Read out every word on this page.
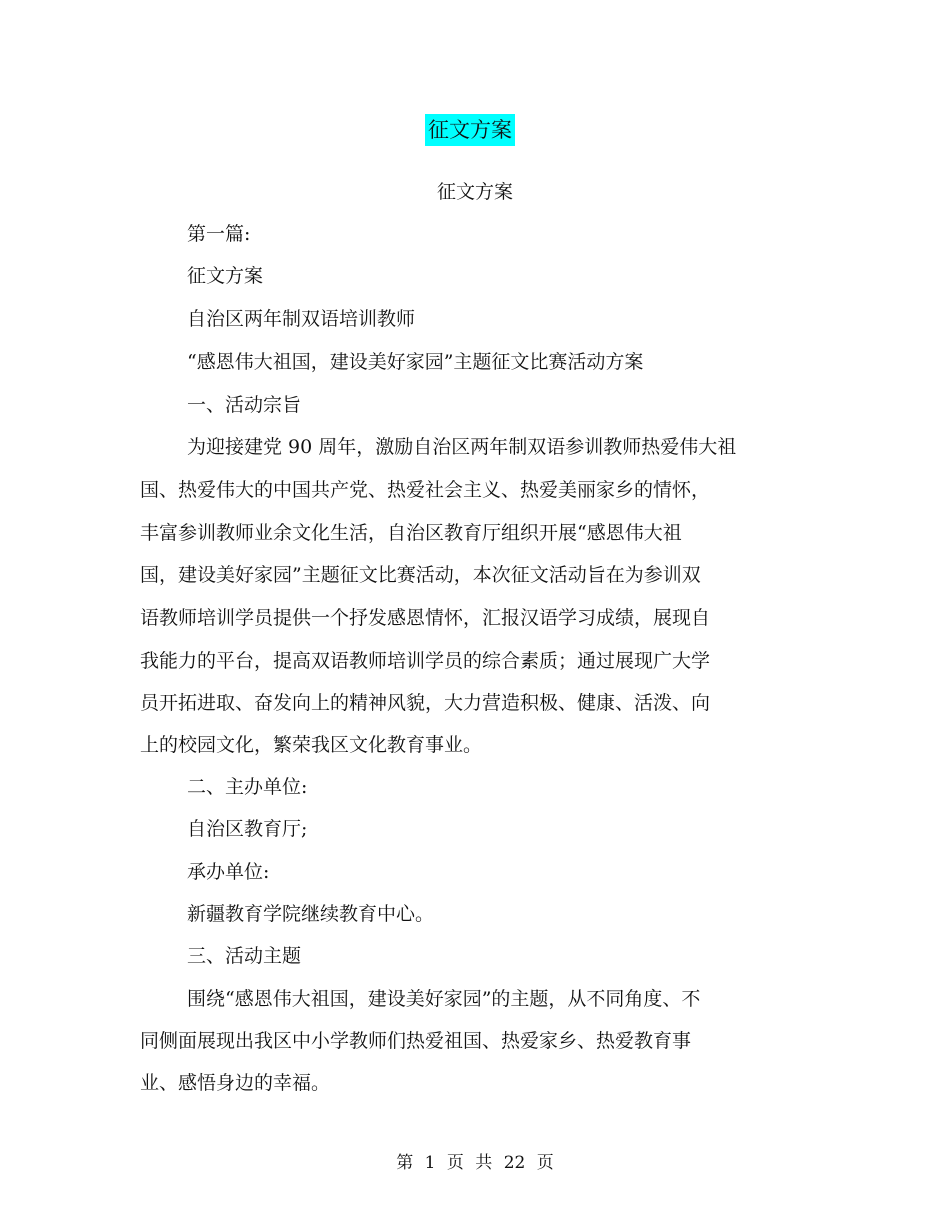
征文方案
征文方案
第一篇:
征文方案
自治区两年制双语培训教师
“感恩伟大祖国，建设美好家园”主题征文比赛活动方案
一、活动宗旨
为迎接建党 90 周年，激励自治区两年制双语参训教师热爱伟大祖
国、热爱伟大的中国共产党、热爱社会主义、热爱美丽家乡的情怀，
丰富参训教师业余文化生活，自治区教育厅组织开展“感恩伟大祖
国，建设美好家园”主题征文比赛活动，本次征文活动旨在为参训双
语教师培训学员提供一个抒发感恩情怀，汇报汉语学习成绩，展现自
我能力的平台，提高双语教师培训学员的综合素质；通过展现广大学
员开拓进取、奋发向上的精神风貌，大力营造积极、健康、活泼、向
上的校园文化，繁荣我区文化教育事业。
二、主办单位:
自治区教育厅;
承办单位:
新疆教育学院继续教育中心。
三、活动主题
围绕“感恩伟大祖国，建设美好家园”的主题，从不同角度、不
同侧面展现出我区中小学教师们热爱祖国、热爱家乡、热爱教育事
业、感悟身边的幸福。
第 1 页 共 22 页
